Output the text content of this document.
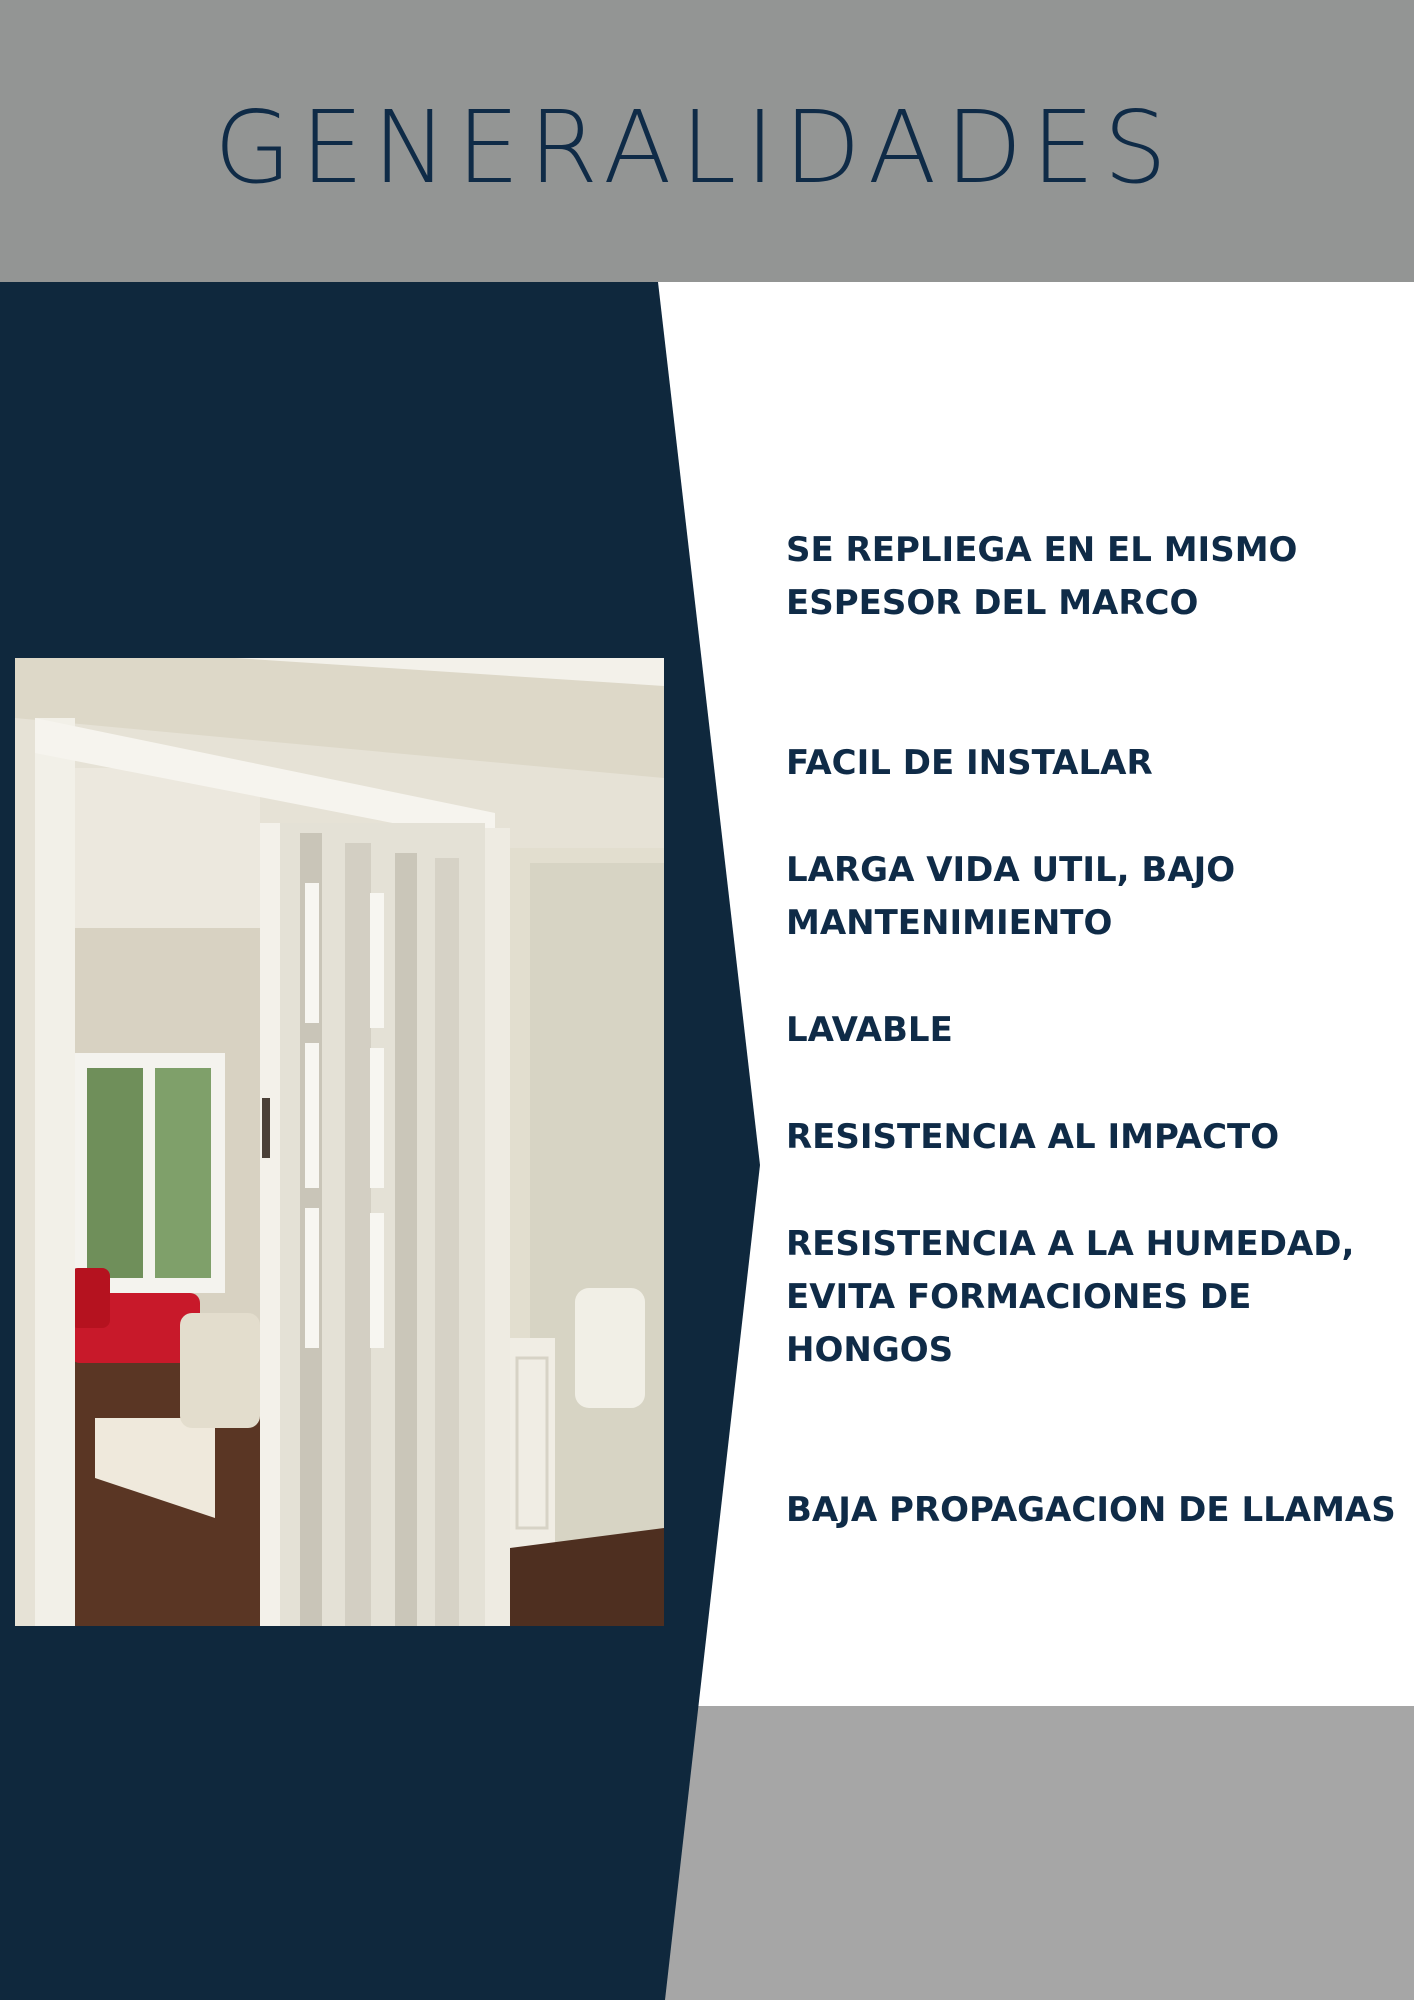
GENERALIDADES
SE REPLIEGA EN EL MISMO
ESPESOR DEL MARCO
FACIL DE INSTALAR
LARGA VIDA UTIL, BAJO
MANTENIMIENTO
LAVABLE
RESISTENCIA AL IMPACTO
RESISTENCIA A LA HUMEDAD,
EVITA FORMACIONES DE
HONGOS
BAJA PROPAGACION DE LLAMAS
